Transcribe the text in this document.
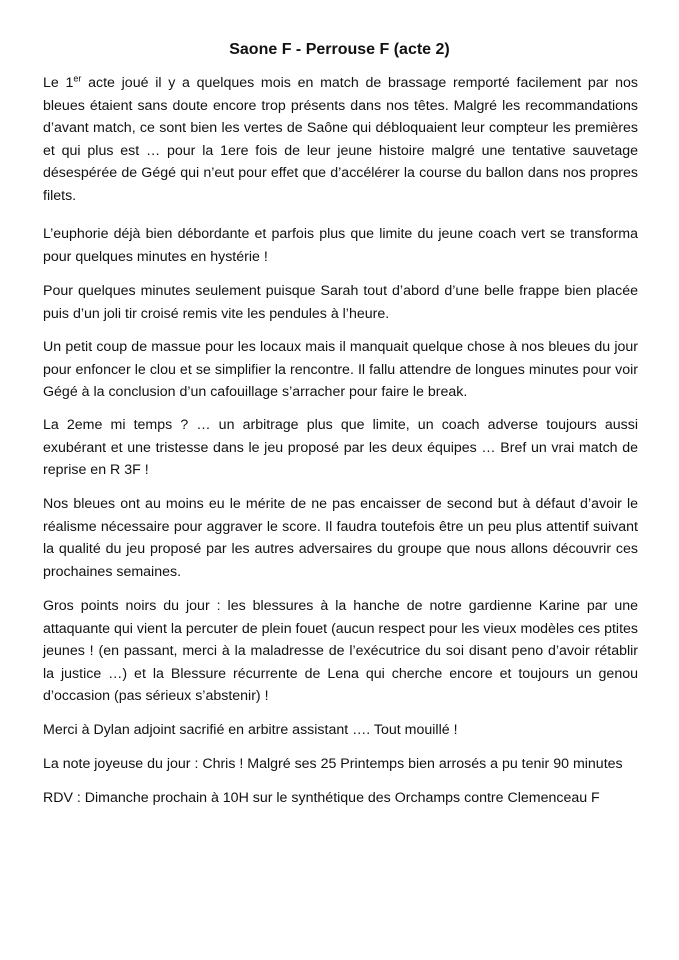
Saone F - Perrouse F (acte 2)
Le 1er acte joué il y a quelques mois en match de brassage remporté facilement par nos bleues étaient sans doute encore trop présents dans nos têtes. Malgré les recommandations d’avant match, ce sont bien les vertes de Saône qui débloquaient leur compteur les premières et qui plus est … pour la 1ere fois de leur jeune histoire malgré une tentative sauvetage désespérée de Gégé qui n’eut pour effet que d’accélérer la course du ballon dans nos propres filets.
L’euphorie déjà bien débordante et parfois plus que limite du jeune coach vert se transforma pour quelques minutes en hystérie !
Pour quelques minutes seulement puisque Sarah tout d’abord d’une belle frappe bien placée puis d’un joli tir croisé remis vite les pendules à l’heure.
Un petit coup de massue pour les locaux mais il manquait quelque chose à nos bleues du jour pour enfoncer le clou et se simplifier la rencontre. Il fallu attendre de longues minutes pour voir Gégé à la conclusion d’un cafouillage s’arracher pour faire le break.
La 2eme mi temps ? … un arbitrage plus que limite, un coach adverse toujours aussi exubérant et une tristesse dans le jeu proposé par les deux équipes … Bref un vrai match de reprise en R 3F !
Nos bleues ont au moins eu le mérite de ne pas encaisser de second but à défaut d’avoir le réalisme nécessaire pour aggraver le score. Il faudra toutefois être un peu plus attentif suivant la qualité du jeu proposé par les autres adversaires du groupe que nous allons découvrir ces prochaines semaines.
Gros points noirs du jour : les blessures à la hanche de notre gardienne Karine par une attaquante qui vient la percuter de plein fouet (aucun respect pour les vieux modèles ces ptites jeunes ! (en passant, merci à la maladresse de l’exécutrice du soi disant peno d’avoir rétablir la justice …) et la Blessure récurrente de Lena qui cherche encore et toujours un genou d’occasion (pas sérieux s’abstenir) !
Merci à Dylan adjoint sacrifié en arbitre assistant …. Tout mouillé !
La note joyeuse du jour : Chris ! Malgré ses 25 Printemps bien arrosés a pu tenir 90 minutes
RDV : Dimanche prochain à 10H sur le synthétique des Orchamps contre Clemenceau F
